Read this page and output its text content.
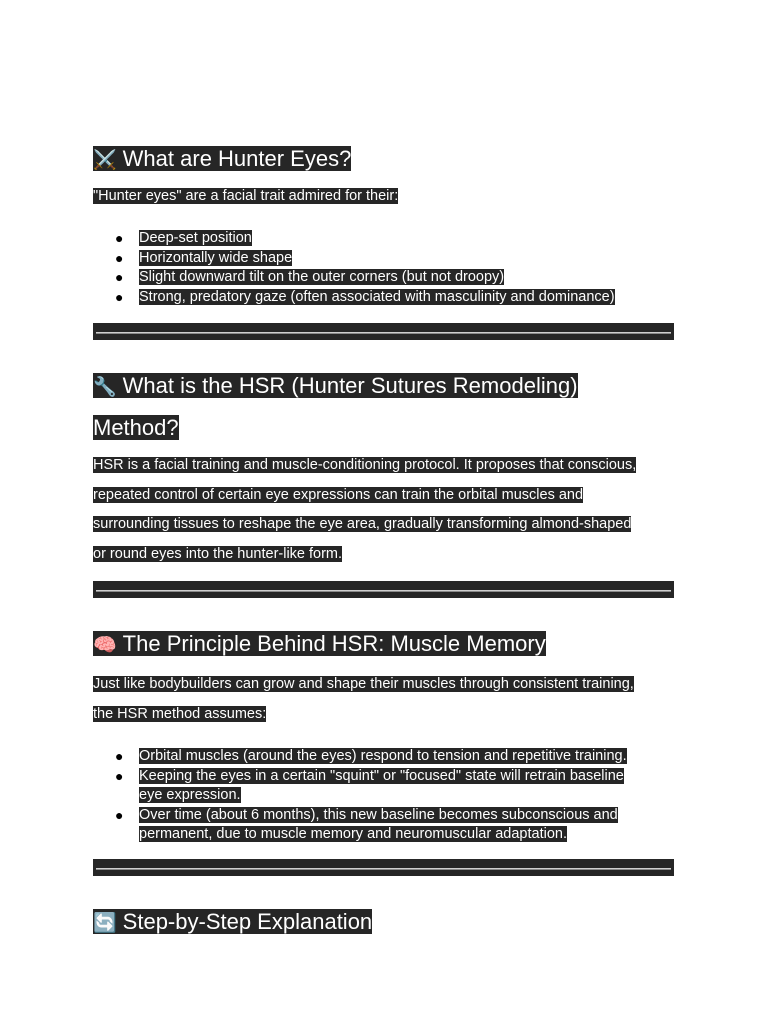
⚔️ What are Hunter Eyes?

"Hunter eyes" are a facial trait admired for their:

● Deep-set position
● Horizontally wide shape
● Slight downward tilt on the outer corners (but not droopy)
● Strong, predatory gaze (often associated with masculinity and dominance)
🔧 What is the HSR (Hunter Sutures Remodeling)
Method?

HSR is a facial training and muscle-conditioning protocol. It proposes that conscious,

repeated control of certain eye expressions can train the orbital muscles and

surrounding tissues to reshape the eye area, gradually transforming almond-shaped

or round eyes into the hunter-like form.

🧠 The Principle Behind HSR: Muscle Memory

Just like bodybuilders can grow and shape their muscles through consistent training,

the HSR method assumes:

● Orbital muscles (around the eyes) respond to tension and repetitive training.
● Keeping the eyes in a certain "squint" or "focused" state will retrain baseline
eye expression.
● Over time (about 6 months), this new baseline becomes subconscious and
permanent, due to muscle memory and neuromuscular adaptation.
🔄 Step-by-Step Explanation
